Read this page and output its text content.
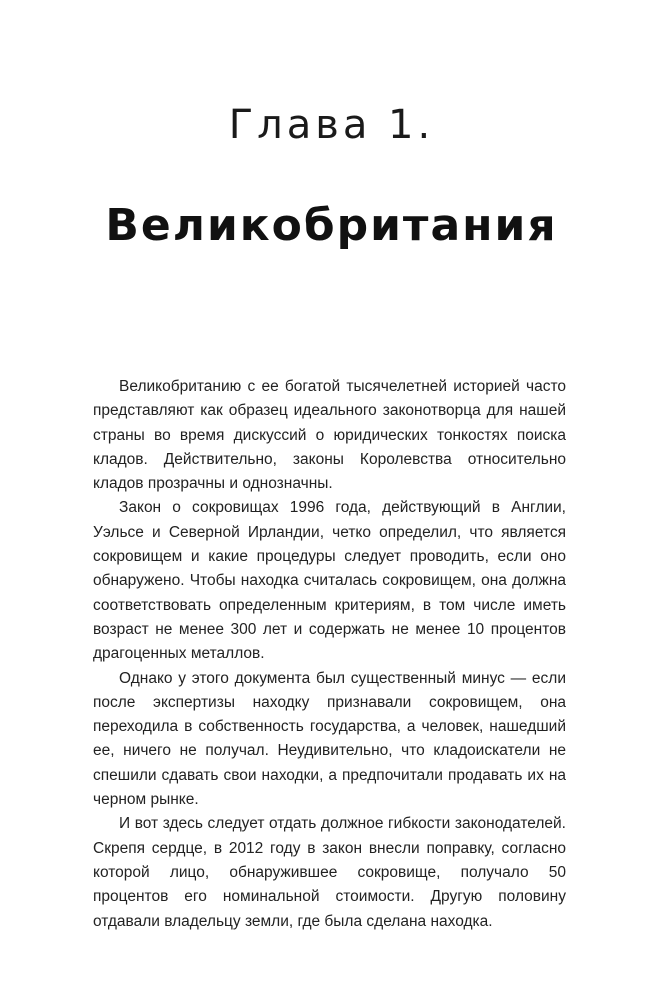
Глава 1.
Великобритания

Великобританию с ее богатой тысячелетней историей часто представляют как образец идеального законотворца для нашей страны во время дискуссий о юридических тонкостях поиска кладов. Действительно, законы Королевства относительно кладов прозрачны и однозначны.

Закон о сокровищах 1996 года, действующий в Англии, Уэльсе и Северной Ирландии, четко определил, что является сокровищем и какие процедуры следует проводить, если оно обнаружено. Чтобы находка считалась сокровищем, она должна соответствовать определенным критериям, в том числе иметь возраст не менее 300 лет и содержать не менее 10 процентов драгоценных металлов.

Однако у этого документа был существенный минус — если после экспертизы находку признавали сокровищем, она переходила в собственность государства, а человек, нашедший ее, ничего не получал. Неудивительно, что кладоискатели не спешили сдавать свои находки, а предпочитали продавать их на черном рынке.

И вот здесь следует отдать должное гибкости законодателей. Скрепя сердце, в 2012 году в закон внесли поправку, согласно которой лицо, обнаружившее сокровище, получало 50 процентов его номинальной стоимости. Другую половину отдавали владельцу земли, где была сделана находка.
